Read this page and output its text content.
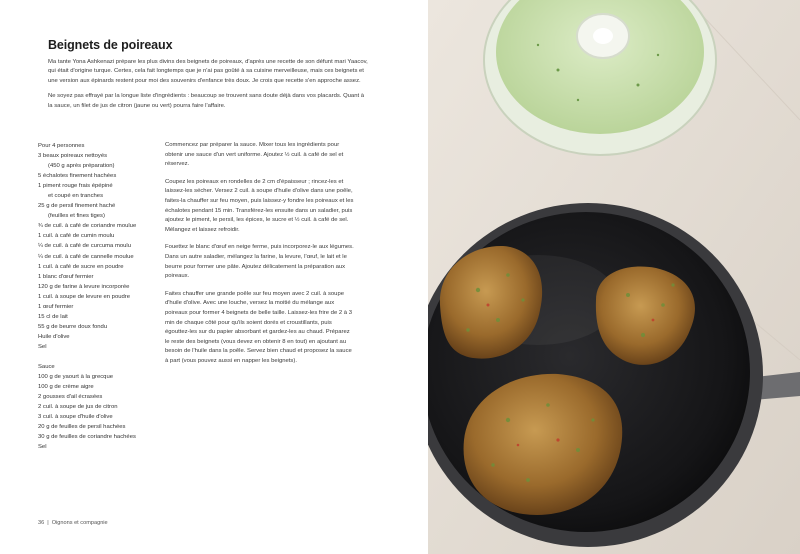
Beignets de poireaux

Ma tante Yona Ashkenazi prépare les plus divins des beignets de poireaux, d'après une recette de son défunt mari Yaacov, qui était d'origine turque. Certes, cela fait longtemps que je n'ai pas goûté à sa cuisine merveilleuse, mais ces beignets et une version aux épinards restent pour moi des souvenirs d'enfance très doux. Je crois que recette s'en approche assez.

Ne soyez pas effrayé par la longue liste d'ingrédients : beaucoup se trouvent sans doute déjà dans vos placards. Quant à la sauce, un filet de jus de citron (jaune ou vert) pourra faire l'affaire.

Pour 4 personnes
3 beaux poireaux nettoyés
(450 g après préparation)
5 échalotes finement hachées
1 piment rouge frais épépiné
et coupé en tranches
25 g de persil finement haché
(feuilles et fines tiges)
¾ de cuil. à café de coriandre moulue
1 cuil. à café de cumin moulu
¼ de cuil. à café de curcuma moulu
¼ de cuil. à café de cannelle moulue
1 cuil. à café de sucre en poudre
1 blanc d'œuf fermier
120 g de farine à levure incorporée
1 cuil. à soupe de levure en poudre
1 œuf fermier
15 cl de lait
55 g de beurre doux fondu
Huile d'olive
Sel
Sauce
100 g de yaourt à la grecque
100 g de crème aigre
2 gousses d'ail écrasées
2 cuil. à soupe de jus de citron
3 cuil. à soupe d'huile d'olive
20 g de feuilles de persil hachées
30 g de feuilles de coriandre hachées
Sel

Commencez par préparer la sauce. Mixer tous les ingrédients pour obtenir une sauce d'un vert uniforme. Ajoutez ½ cuil. à café de sel et réservez.

Coupez les poireaux en rondelles de 2 cm d'épaisseur ; rincez-les et laissez-les sécher. Versez 2 cuil. à soupe d'huile d'olive dans une poêle, faites-la chauffer sur feu moyen, puis laissez-y fondre les poireaux et les échalotes pendant 15 min. Transférez-les ensuite dans un saladier, puis ajoutez le piment, le persil, les épices, le sucre et ½ cuil. à café de sel. Mélangez et laissez refroidir.

Fouettez le blanc d'œuf en neige ferme, puis incorporez-le aux légumes. Dans un autre saladier, mélangez la farine, la levure, l'œuf, le lait et le beurre pour former une pâte. Ajoutez délicatement la préparation aux poireaux.

Faites chauffer une grande poêle sur feu moyen avec 2 cuil. à soupe d'huile d'olive. Avec une louche, versez la moitié du mélange aux poireaux pour former 4 beignets de belle taille. Laissez-les frire de 2 à 3 min de chaque côté pour qu'ils soient dorés et croustillants, puis égouttez-les sur du papier absorbant et gardez-les au chaud. Préparez le reste des beignets (vous devez en obtenir 8 en tout) en ajoutant au besoin de l'huile dans la poêle. Servez bien chaud et proposez la sauce à part (vous pouvez aussi en napper les beignets).

36 | Oignons et compagnie
